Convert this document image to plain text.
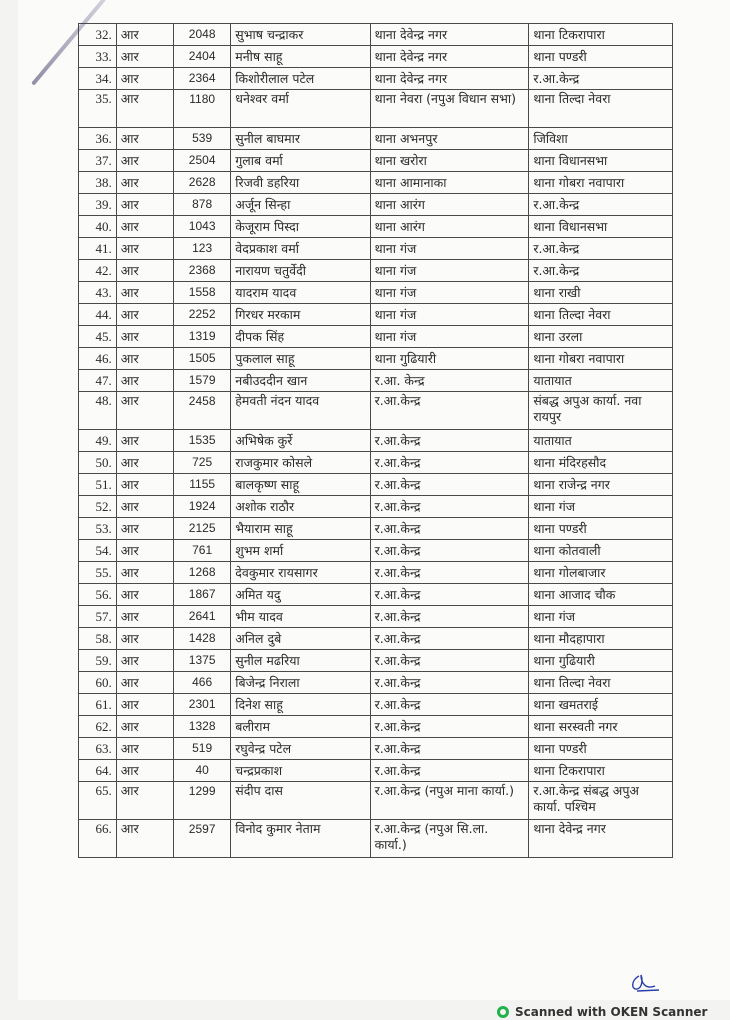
32.	आर	2048	सुभाष चन्द्राकर	थाना देवेन्द्र नगर	थाना टिकरापारा
33.	आर	2404	मनीष साहू	थाना देवेन्द्र नगर	थाना पण्डरी
34.	आर	2364	किशोरीलाल पटेल	थाना देवेन्द्र नगर	र.आ.केन्द्र
35.	आर	1180	धनेश्वर वर्मा	थाना नेवरा (नपुअ विधान सभा)	थाना तिल्दा नेवरा
36.	आर	539	सुनील बाघमार	थाना अभनपुर	जिविशा
37.	आर	2504	गुलाब वर्मा	थाना खरोरा	थाना विधानसभा
38.	आर	2628	रिजवी डहरिया	थाना आमानाका	थाना गोबरा नवापारा
39.	आर	878	अर्जून सिन्हा	थाना आरंग	र.आ.केन्द्र
40.	आर	1043	केजूराम पिस्दा	थाना आरंग	थाना विधानसभा
41.	आर	123	वेदप्रकाश वर्मा	थाना गंज	र.आ.केन्द्र
42.	आर	2368	नारायण चतुर्वेदी	थाना गंज	र.आ.केन्द्र
43.	आर	1558	यादराम यादव	थाना गंज	थाना राखी
44.	आर	2252	गिरधर मरकाम	थाना गंज	थाना तिल्दा नेवरा
45.	आर	1319	दीपक सिंह	थाना गंज	थाना उरला
46.	आर	1505	पुकलाल साहू	थाना गुढियारी	थाना गोबरा नवापारा
47.	आर	1579	नबीउददीन खान	र.आ. केन्द्र	यातायात
48.	आर	2458	हेमवती नंदन यादव	र.आ.केन्द्र	संबद्ध अपुअ कार्या. नवा रायपुर
49.	आर	1535	अभिषेक कुर्रे	र.आ.केन्द्र	यातायात
50.	आर	725	राजकुमार कोसले	र.आ.केन्द्र	थाना मंदिरहसौद
51.	आर	1155	बालकृष्ण साहू	र.आ.केन्द्र	थाना राजेन्द्र नगर
52.	आर	1924	अशोक राठौर	र.आ.केन्द्र	थाना गंज
53.	आर	2125	भैयाराम साहू	र.आ.केन्द्र	थाना पण्डरी
54.	आर	761	शुभम शर्मा	र.आ.केन्द्र	थाना कोतवाली
55.	आर	1268	देवकुमार रायसागर	र.आ.केन्द्र	थाना गोलबाजार
56.	आर	1867	अमित यदु	र.आ.केन्द्र	थाना आजाद चौक
57.	आर	2641	भीम यादव	र.आ.केन्द्र	थाना गंज
58.	आर	1428	अनिल दुबे	र.आ.केन्द्र	थाना मौदहापारा
59.	आर	1375	सुनील मढरिया	र.आ.केन्द्र	थाना गुढियारी
60.	आर	466	बिजेन्द्र निराला	र.आ.केन्द्र	थाना तिल्दा नेवरा
61.	आर	2301	दिनेश साहू	र.आ.केन्द्र	थाना खमतराई
62.	आर	1328	बलीराम	र.आ.केन्द्र	थाना सरस्वती नगर
63.	आर	519	रघुवेन्द्र पटेल	र.आ.केन्द्र	थाना पण्डरी
64.	आर	40	चन्द्रप्रकाश	र.आ.केन्द्र	थाना टिकरापारा
65.	आर	1299	संदीप दास	र.आ.केन्द्र (नपुअ माना कार्या.)	र.आ.केन्द्र संबद्ध अपुअ कार्या. पश्चिम
66.	आर	2597	विनोद कुमार नेताम	र.आ.केन्द्र (नपुअ सि.ला. कार्या.)	थाना देवेन्द्र नगर
Scanned with OKEN Scanner
